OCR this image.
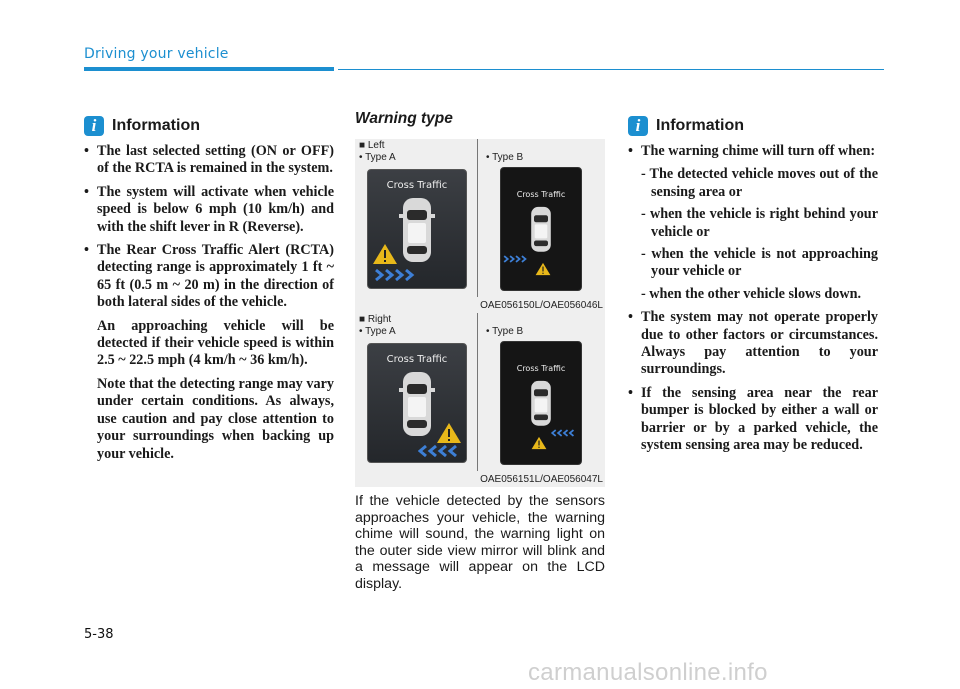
Driving your vehicle
i Information

• The last selected setting (ON or OFF) of the RCTA is remained in the system.

• The system will activate when vehicle speed is below 6 mph (10 km/h) and with the shift lever in R (Reverse).

• The Rear Cross Traffic Alert (RCTA) detecting range is approximately 1 ft ~ 65 ft (0.5 m ~ 20 m) in the direction of both lateral sides of the vehicle.

An approaching vehicle will be detected if their vehicle speed is within 2.5 ~ 22.5 mph (4 km/h ~ 36 km/h).

Note that the detecting range may vary under certain conditions. As always, use caution and pay close attention to your surroundings when backing up your vehicle.

Warning type
■ Left
• Type A	• Type B
Cross Traffic
Cross Traffic
OAE056150L/OAE056046L
■ Right
• Type A	• Type B
Cross Traffic
Cross Traffic
OAE056151L/OAE056047L
If the vehicle detected by the sensors approaches your vehicle, the warning chime will sound, the warning light on the outer side view mirror will blink and a message will appear on the LCD display.
i Information

• The warning chime will turn off when:

- The detected vehicle moves out of the sensing area or
- when the vehicle is right behind your vehicle or
- when the vehicle is not approaching your vehicle or
- when the other vehicle slows down.

• The system may not operate properly due to other factors or circumstances. Always pay attention to your surroundings.

• If the sensing area near the rear bumper is blocked by either a wall or barrier or by a parked vehicle, the system sensing area may be reduced.

5-38
carmanualsonline.info
